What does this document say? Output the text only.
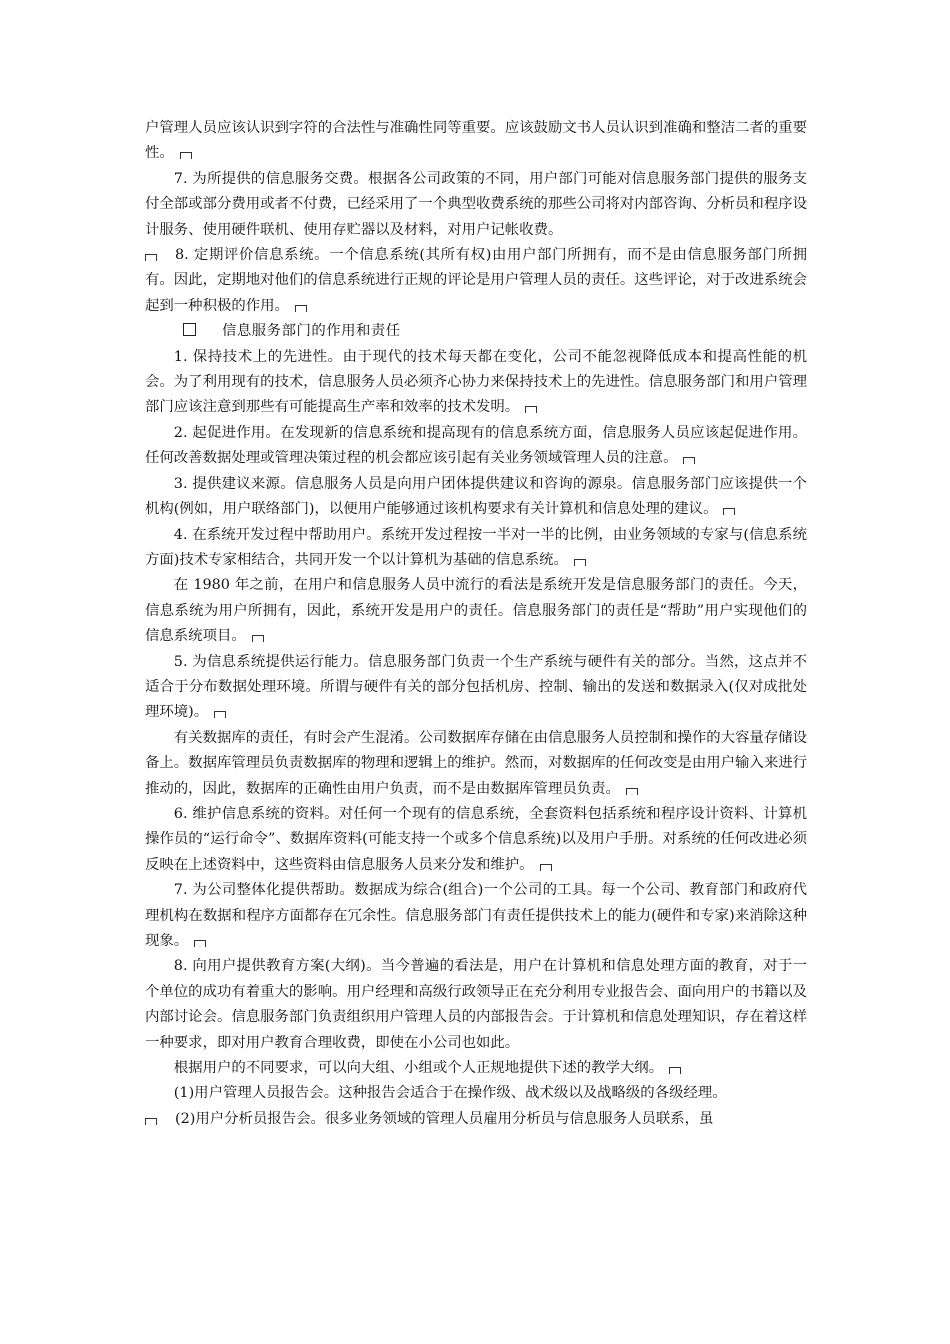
户管理人员应该认识到字符的合法性与准确性同等重要。应该鼓励文书人员认识到准确和整洁二者的重要性。

7. 为所提供的信息服务交费。根据各公司政策的不同，用户部门可能对信息服务部门提供的服务支付全部或部分费用或者不付费，已经采用了一个典型收费系统的那些公司将对内部咨询、分析员和程序设计服务、使用硬件联机、使用存贮器以及材料，对用户记帐收费。

8. 定期评价信息系统。一个信息系统(其所有权)由用户部门所拥有，而不是由信息服务部门所拥有。因此，定期地对他们的信息系统进行正规的评论是用户管理人员的责任。这些评论，对于改进系统会起到一种积极的作用。

信息服务部门的作用和责任

1. 保持技术上的先进性。由于现代的技术每天都在变化，公司不能忽视降低成本和提高性能的机会。为了利用现有的技术，信息服务人员必须齐心协力来保持技术上的先进性。信息服务部门和用户管理部门应该注意到那些有可能提高生产率和效率的技术发明。

2. 起促进作用。在发现新的信息系统和提高现有的信息系统方面，信息服务人员应该起促进作用。任何改善数据处理或管理决策过程的机会都应该引起有关业务领域管理人员的注意。

3. 提供建议来源。信息服务人员是向用户团体提供建议和咨询的源泉。信息服务部门应该提供一个机构(例如，用户联络部门)，以便用户能够通过该机构要求有关计算机和信息处理的建议。

4. 在系统开发过程中帮助用户。系统开发过程按一半对一半的比例，由业务领域的专家与(信息系统方面)技术专家相结合，共同开发一个以计算机为基础的信息系统。

在 1980 年之前，在用户和信息服务人员中流行的看法是系统开发是信息服务部门的责任。今天，信息系统为用户所拥有，因此，系统开发是用户的责任。信息服务部门的责任是“帮助”用户实现他们的信息系统项目。

5. 为信息系统提供运行能力。信息服务部门负责一个生产系统与硬件有关的部分。当然，这点并不适合于分布数据处理环境。所谓与硬件有关的部分包括机房、控制、输出的发送和数据录入(仅对成批处理环境)。

有关数据库的责任，有时会产生混淆。公司数据库存储在由信息服务人员控制和操作的大容量存储设备上。数据库管理员负责数据库的物理和逻辑上的维护。然而，对数据库的任何改变是由用户输入来进行推动的，因此，数据库的正确性由用户负责，而不是由数据库管理员负责。

6. 维护信息系统的资料。对任何一个现有的信息系统，全套资料包括系统和程序设计资料、计算机操作员的“运行命令”、数据库资料(可能支持一个或多个信息系统)以及用户手册。对系统的任何改进必须反映在上述资料中，这些资料由信息服务人员来分发和维护。

7. 为公司整体化提供帮助。数据成为综合(组合)一个公司的工具。每一个公司、教育部门和政府代理机构在数据和程序方面都存在冗余性。信息服务部门有责任提供技术上的能力(硬件和专家)来消除这种现象。

8. 向用户提供教育方案(大纲)。当今普遍的看法是，用户在计算机和信息处理方面的教育，对于一个单位的成功有着重大的影响。用户经理和高级行政领导正在充分利用专业报告会、面向用户的书籍以及内部讨论会。信息服务部门负责组织用户管理人员的内部报告会。于计算机和信息处理知识，存在着这样一种要求，即对用户教育合理收费，即使在小公司也如此。

根据用户的不同要求，可以向大组、小组或个人正规地提供下述的教学大纲。

(1)用户管理人员报告会。这种报告会适合于在操作级、战术级以及战略级的各级经理。

(2)用户分析员报告会。很多业务领域的管理人员雇用分析员与信息服务人员联系，虽
